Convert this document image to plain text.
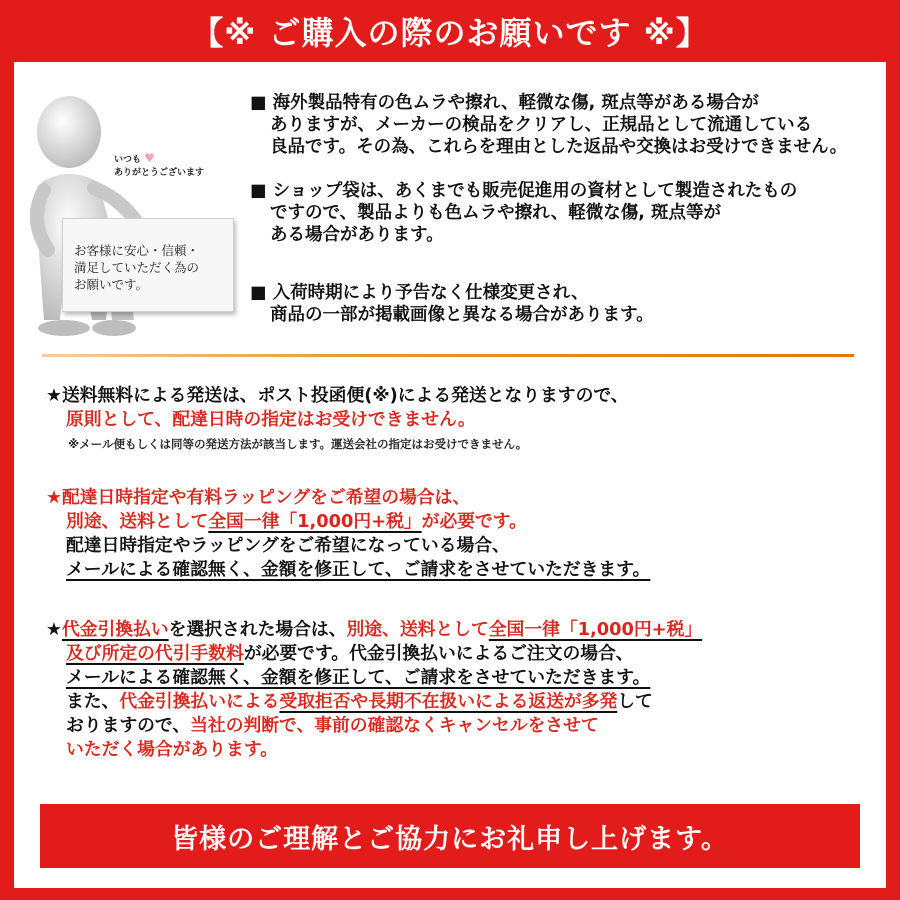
【※ ご購入の際のお願いです ※】
いつも ♥
ありがとうございます
お客様に安心・信頼・
満足していただく為の
お願いです。
■ 海外製品特有の色ムラや擦れ、軽微な傷, 斑点等がある場合が
ありますが、メーカーの検品をクリアし、正規品として流通している
良品です。その為、これらを理由とした返品や交換はお受けできません。
■ ショップ袋は、あくまでも販売促進用の資材として製造されたもの
ですので、製品よりも色ムラや擦れ、軽微な傷, 斑点等が
ある場合があります。
■ 入荷時期により予告なく仕様変更され、
商品の一部が掲載画像と異なる場合があります。
★送料無料による発送は、ポスト投函便(※)による発送となりますので、
原則として、配達日時の指定はお受けできません。
※メール便もしくは同等の発送方法が該当します。運送会社の指定はお受けできません。
★配達日時指定や有料ラッピングをご希望の場合は、
別途、送料として全国一律「1,000円+税」が必要です。
配達日時指定やラッピングをご希望になっている場合、
メールによる確認無く、金額を修正して、ご請求をさせていただきます。
★代金引換払いを選択された場合は、別途、送料として全国一律「1,000円+税」
及び所定の代引手数料が必要です。代金引換払いによるご注文の場合、
メールによる確認無く、金額を修正して、ご請求をさせていただきます。
また、代金引換払いによる受取拒否や長期不在扱いによる返送が多発して
おりますので、当社の判断で、事前の確認なくキャンセルをさせて
いただく場合があります。
皆様のご理解とご協力にお礼申し上げます。
